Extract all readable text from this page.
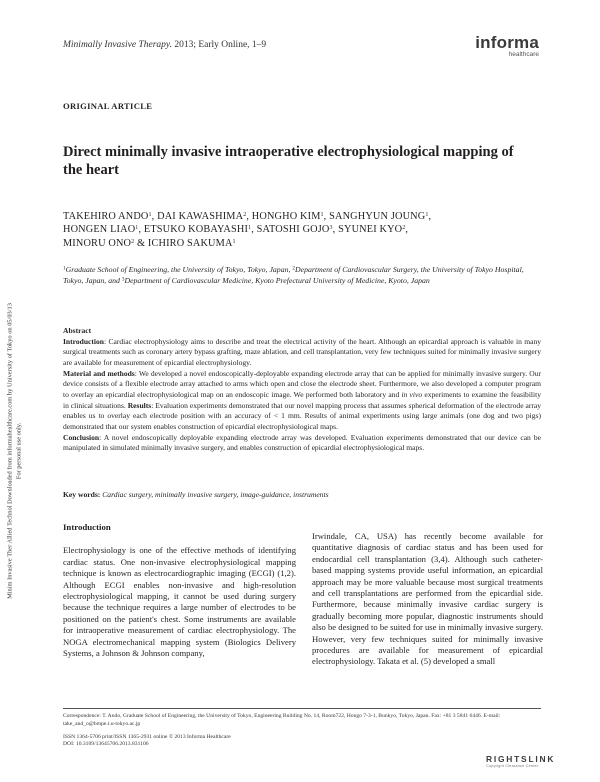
Minim Invasive Ther Allied Technol Downloaded from informahealthcare.com by University of Tokyo on 05/03/13 For personal use only.
Minimally Invasive Therapy. 2013; Early Online, 1–9	informa
healthcare
ORIGINAL ARTICLE
Direct minimally invasive intraoperative electrophysiological mapping of the heart
TAKEHIRO ANDO$^1$, DAI KAWASHIMA$^2$, HONGHO KIM$^1$, SANGHYUN JOUNG$^1$,
HONGEN LIAO$^1$, ETSUKO KOBAYASHI$^1$, SATOSHI GOJO$^3$, SYUNEI KYO$^2$,
MINORU ONO$^2$ & ICHIRO SAKUMA$^1$
$^1$Graduate School of Engineering, the University of Tokyo, Tokyo, Japan, $^2$Department of Cardiovascular Surgery, the University of Tokyo Hospital, Tokyo, Japan, and $^3$Department of Cardiovascular Medicine, Kyoto Prefectural University of Medicine, Kyoto, Japan

Abstract

Introduction: Cardiac electrophysiology aims to describe and treat the electrical activity of the heart. Although an epicardial approach is valuable in many surgical treatments such as coronary artery bypass grafting, maze ablation, and cell transplantation, very few techniques suited for minimally invasive surgery are available for measurement of epicardial electrophysiology.
Material and methods: We developed a novel endoscopically-deployable expanding electrode array that can be applied for minimally invasive surgery. Our device consists of a flexible electrode array attached to arms which open and close the electrode sheet. Furthermore, we also developed a computer program to overlay an epicardial electrophysiological map on an endoscopic image. We performed both laboratory and in vivo experiments to examine the feasibility in clinical situations. Results: Evaluation experiments demonstrated that our novel mapping process that assumes spherical deformation of the electrode array enables us to overlay each electrode position with an accuracy of < 1 mm. Results of animal experiments using large animals (one dog and two pigs) demonstrated that our system enables construction of epicardial electrophysiological maps.
Conclusion: A novel endoscopically deployable expanding electrode array was developed. Evaluation experiments demonstrated that our device can be manipulated in simulated minimally invasive surgery, and enables construction of epicardial electrophysiological maps.

Key words: Cardiac surgery, minimally invasive surgery, image-guidance, instruments
Introduction

Electrophysiology is one of the effective methods of identifying cardiac status. One non-invasive electrophysiological mapping technique is known as electrocardiographic imaging (ECGI) (1,2). Although ECGI enables non-invasive and high-resolution electrophysiological mapping, it cannot be used during surgery because the technique requires a large number of electrodes to be positioned on the patient's chest. Some instruments are available for intraoperative measurement of cardiac electrophysiology. The NOGA electromechanical mapping system (Biologics Delivery Systems, a Johnson & Johnson company,

Irwindale, CA, USA) has recently become available for quantitative diagnosis of cardiac status and has been used for endocardial cell transplantation (3,4). Although such catheter-based mapping systems provide useful information, an epicardial approach may be more valuable because most surgical treatments and cell transplantations are performed from the epicardial side. Furthermore, because minimally invasive cardiac surgery is gradually becoming more popular, diagnostic instruments should also be designed to be suited for use in minimally invasive surgery. However, very few techniques suited for minimally invasive procedures are available for measurement of epicardial electrophysiology. Takata et al. (5) developed a small

Correspondence: T. Ando, Graduate School of Engineering, the University of Tokyo, Engineering Building No. 14, Room722, Hongo 7-3-1, Bunkyo, Tokyo, Japan. Fax: +81 3 5841 6446. E-mail: take_and_o@bmpe.t.u-tokyo.ac.jp
ISSN 1364-5706 print/ISSN 1365-2931 online © 2013 Informa Healthcare
DOI: 10.3109/13645706.2013.831106
RIGHTSLINK
Copyright Clearance Center
